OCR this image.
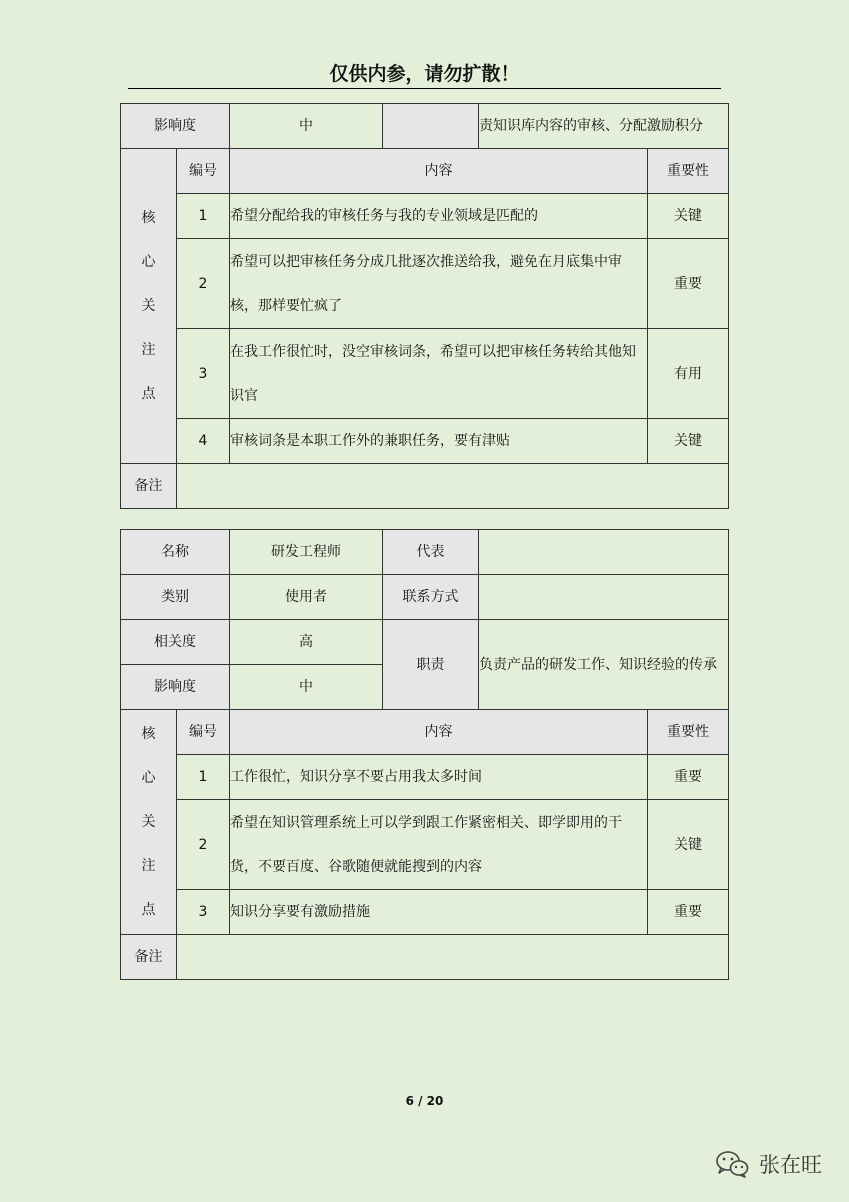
仅供内参，请勿扩散！
影响度		中		责知识库内容的审核、分配激励积分	

核
心
关
注
点	编号	内容			重要性
	1	希望分配给我的审核任务与我的专业领域是匹配的			关键
	2	希望可以把审核任务分成几批逐次推送给我，避免在月底集中审核，那样要忙疯了			重要
	3	在我工作很忙时，没空审核词条，希望可以把审核任务转给其他知识官			有用
	4	审核词条是本职工作外的兼职任务，要有津贴			关键
备注					
名称		研发工程师	代表		
类别		使用者	联系方式		
相关度		高	职责	负责产品的研发工作、知识经验的传承	
影响度		中			

核
心
关
注
点	编号	内容			重要性
	1	工作很忙，知识分享不要占用我太多时间			重要
	2	希望在知识管理系统上可以学到跟工作紧密相关、即学即用的干货，不要百度、谷歌随便就能搜到的内容			关键
	3	知识分享要有激励措施			重要
备注					
6 / 20
张在旺
